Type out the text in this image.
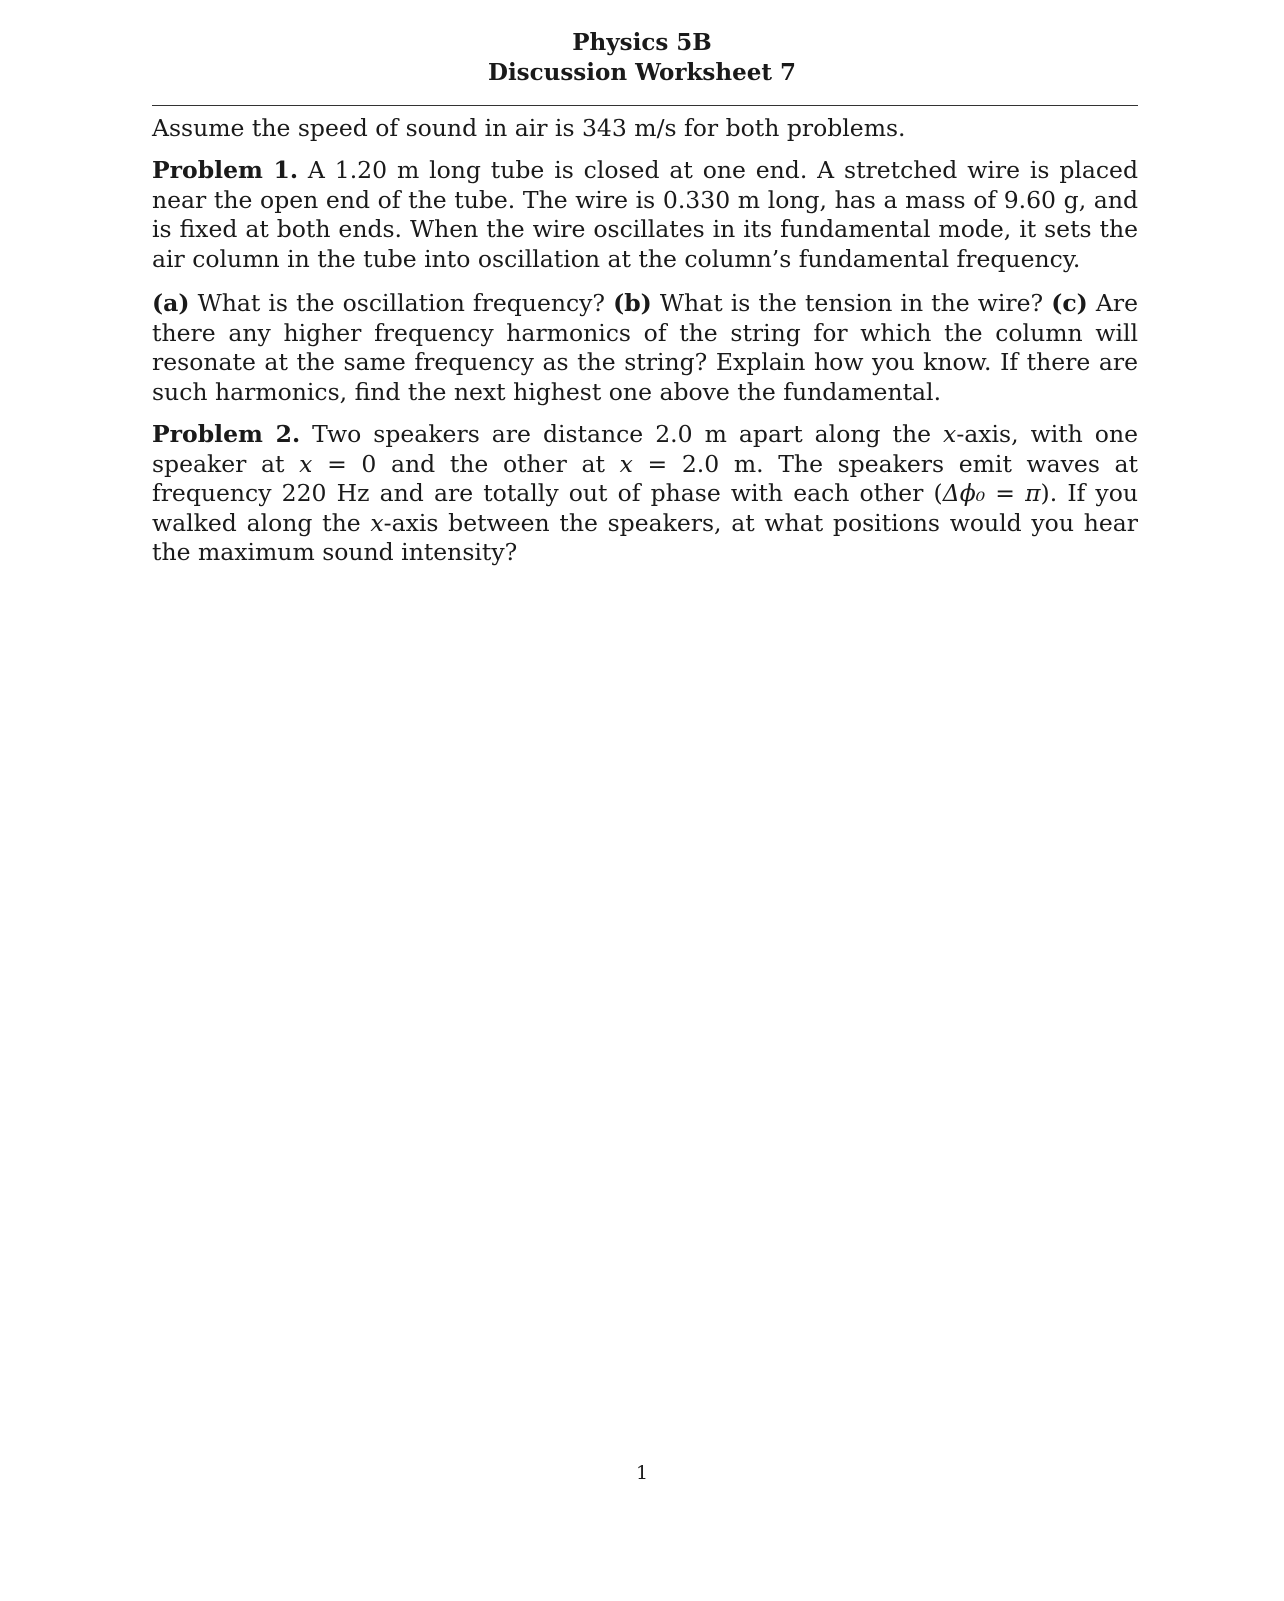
Physics 5B
Discussion Worksheet 7
Assume the speed of sound in air is 343 m/s for both problems.
Problem 1. A 1.20 m long tube is closed at one end. A stretched wire is placed near the open end of the tube. The wire is 0.330 m long, has a mass of 9.60 g, and is fixed at both ends. When the wire oscillates in its fundamental mode, it sets the air column in the tube into oscillation at the column’s fundamental frequency.
(a) What is the oscillation frequency? (b) What is the tension in the wire? (c) Are there any higher frequency harmonics of the string for which the column will resonate at the same frequency as the string? Explain how you know. If there are such harmonics, find the next highest one above the fundamental.
Problem 2. Two speakers are distance 2.0 m apart along the x-axis, with one speaker at x = 0 and the other at x = 2.0 m. The speakers emit waves at frequency 220 Hz and are totally out of phase with each other (Δϕ₀ = π). If you walked along the x-axis between the speakers, at what positions would you hear the maximum sound intensity?
1
